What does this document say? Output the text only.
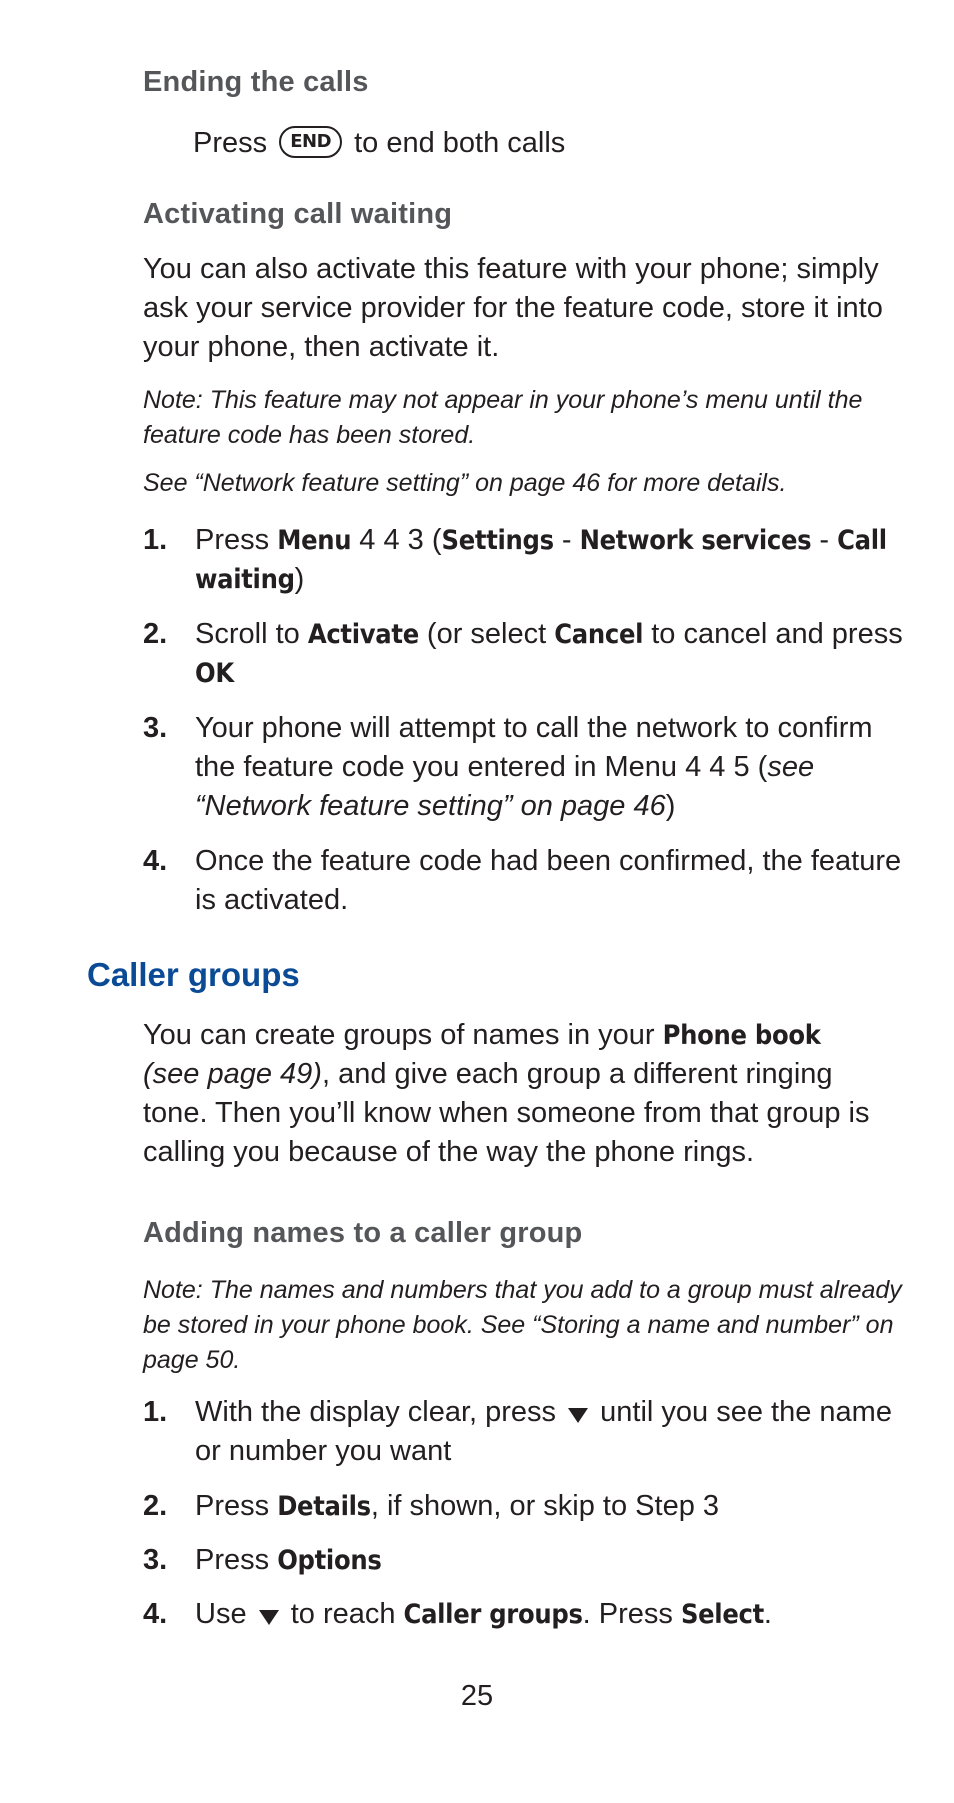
Ending the calls
Press END to end both calls
Activating call waiting

You can also activate this feature with your phone; simply ask your service provider for the feature code, store it into your phone, then activate it.

Note: This feature may not appear in your phone’s menu until the feature code has been stored.

See “Network feature setting” on page 46 for more details.

1. Press Menu 4 4 3 (Settings - Network services - Call waiting)
2. Scroll to Activate (or select Cancel to cancel and press OK
3. Your phone will attempt to call the network to confirm the feature code you entered in Menu 4 4 5 (see “Network feature setting” on page 46)
4. Once the feature code had been confirmed, the feature is activated.
Caller groups

You can create groups of names in your Phone book (see page 49), and give each group a different ringing tone. Then you’ll know when someone from that group is calling you because of the way the phone rings.

Adding names to a caller group

Note: The names and numbers that you add to a group must already be stored in your phone book. See “Storing a name and number” on page 50.

1. With the display clear, press  until you see the name or number you want
2. Press Details, if shown, or skip to Step 3
3. Press Options
4. Use  to reach Caller groups. Press Select.
25
